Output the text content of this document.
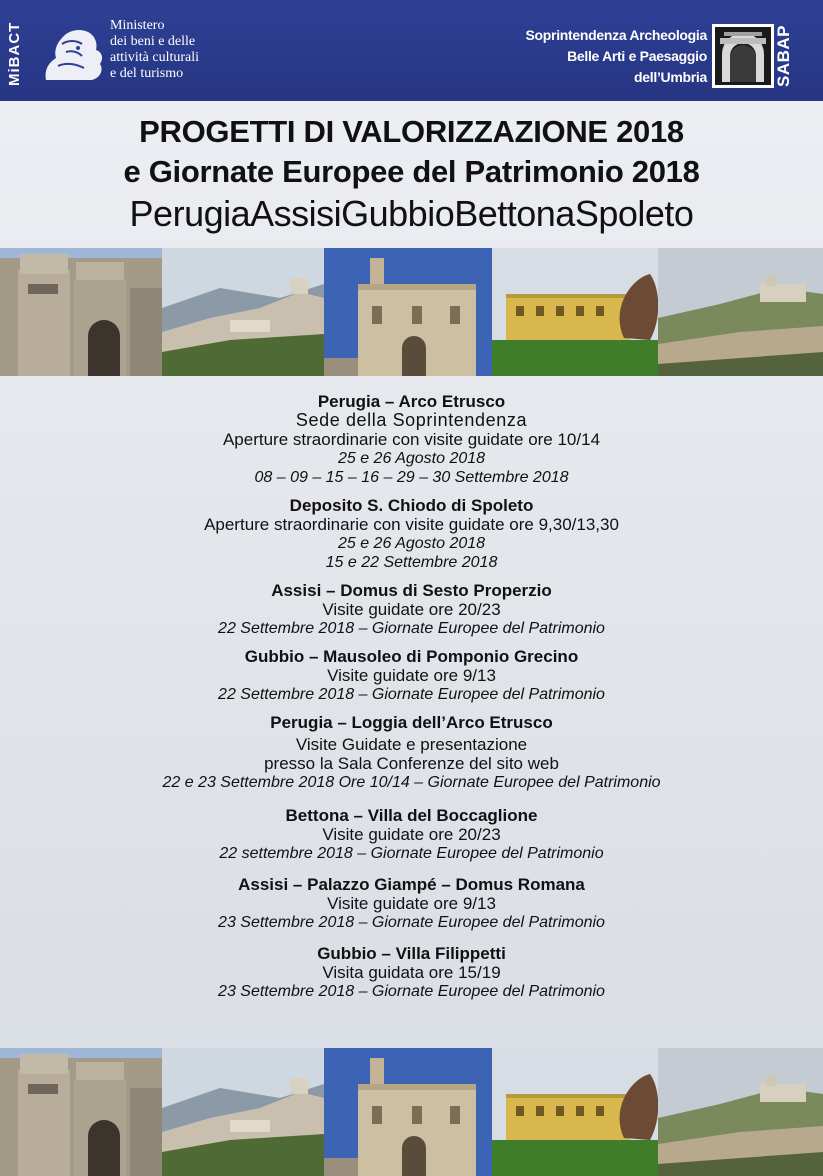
MiBACT	Ministero
dei beni e delle
attività culturali
e del turismo
Soprintendenza Archeologia
Belle Arti e Paesaggio
dell’Umbria	SABAP
PROGETTI DI VALORIZZAZIONE 2018
e Giornate Europee del Patrimonio 2018
PerugiaAssisiGubbioBettonaSpoleto
Perugia – Arco Etrusco
Sede della Soprintendenza
Aperture straordinarie con visite guidate ore 10/14
25 e 26 Agosto 2018
08 – 09 – 15 – 16 – 29 – 30 Settembre 2018
Deposito S. Chiodo di Spoleto
Aperture straordinarie con visite guidate ore 9,30/13,30
25 e 26 Agosto 2018
15 e 22 Settembre 2018
Assisi – Domus di Sesto Properzio
Visite guidate ore 20/23
22 Settembre 2018 – Giornate Europee del Patrimonio
Gubbio – Mausoleo di Pomponio Grecino
Visite guidate ore 9/13
22 Settembre 2018 – Giornate Europee del Patrimonio
Perugia – Loggia dell’Arco Etrusco
Visite Guidate e presentazione
presso la Sala Conferenze del sito web
22 e 23 Settembre 2018 Ore 10/14 – Giornate Europee del Patrimonio
Bettona – Villa del Boccaglione
Visite guidate ore 20/23
22 settembre 2018 – Giornate Europee del Patrimonio
Assisi – Palazzo Giampé – Domus Romana
Visite guidate ore 9/13
23 Settembre 2018 – Giornate Europee del Patrimonio
Gubbio – Villa Filippetti
Visita guidata ore 15/19
23 Settembre 2018 – Giornate Europee del Patrimonio
